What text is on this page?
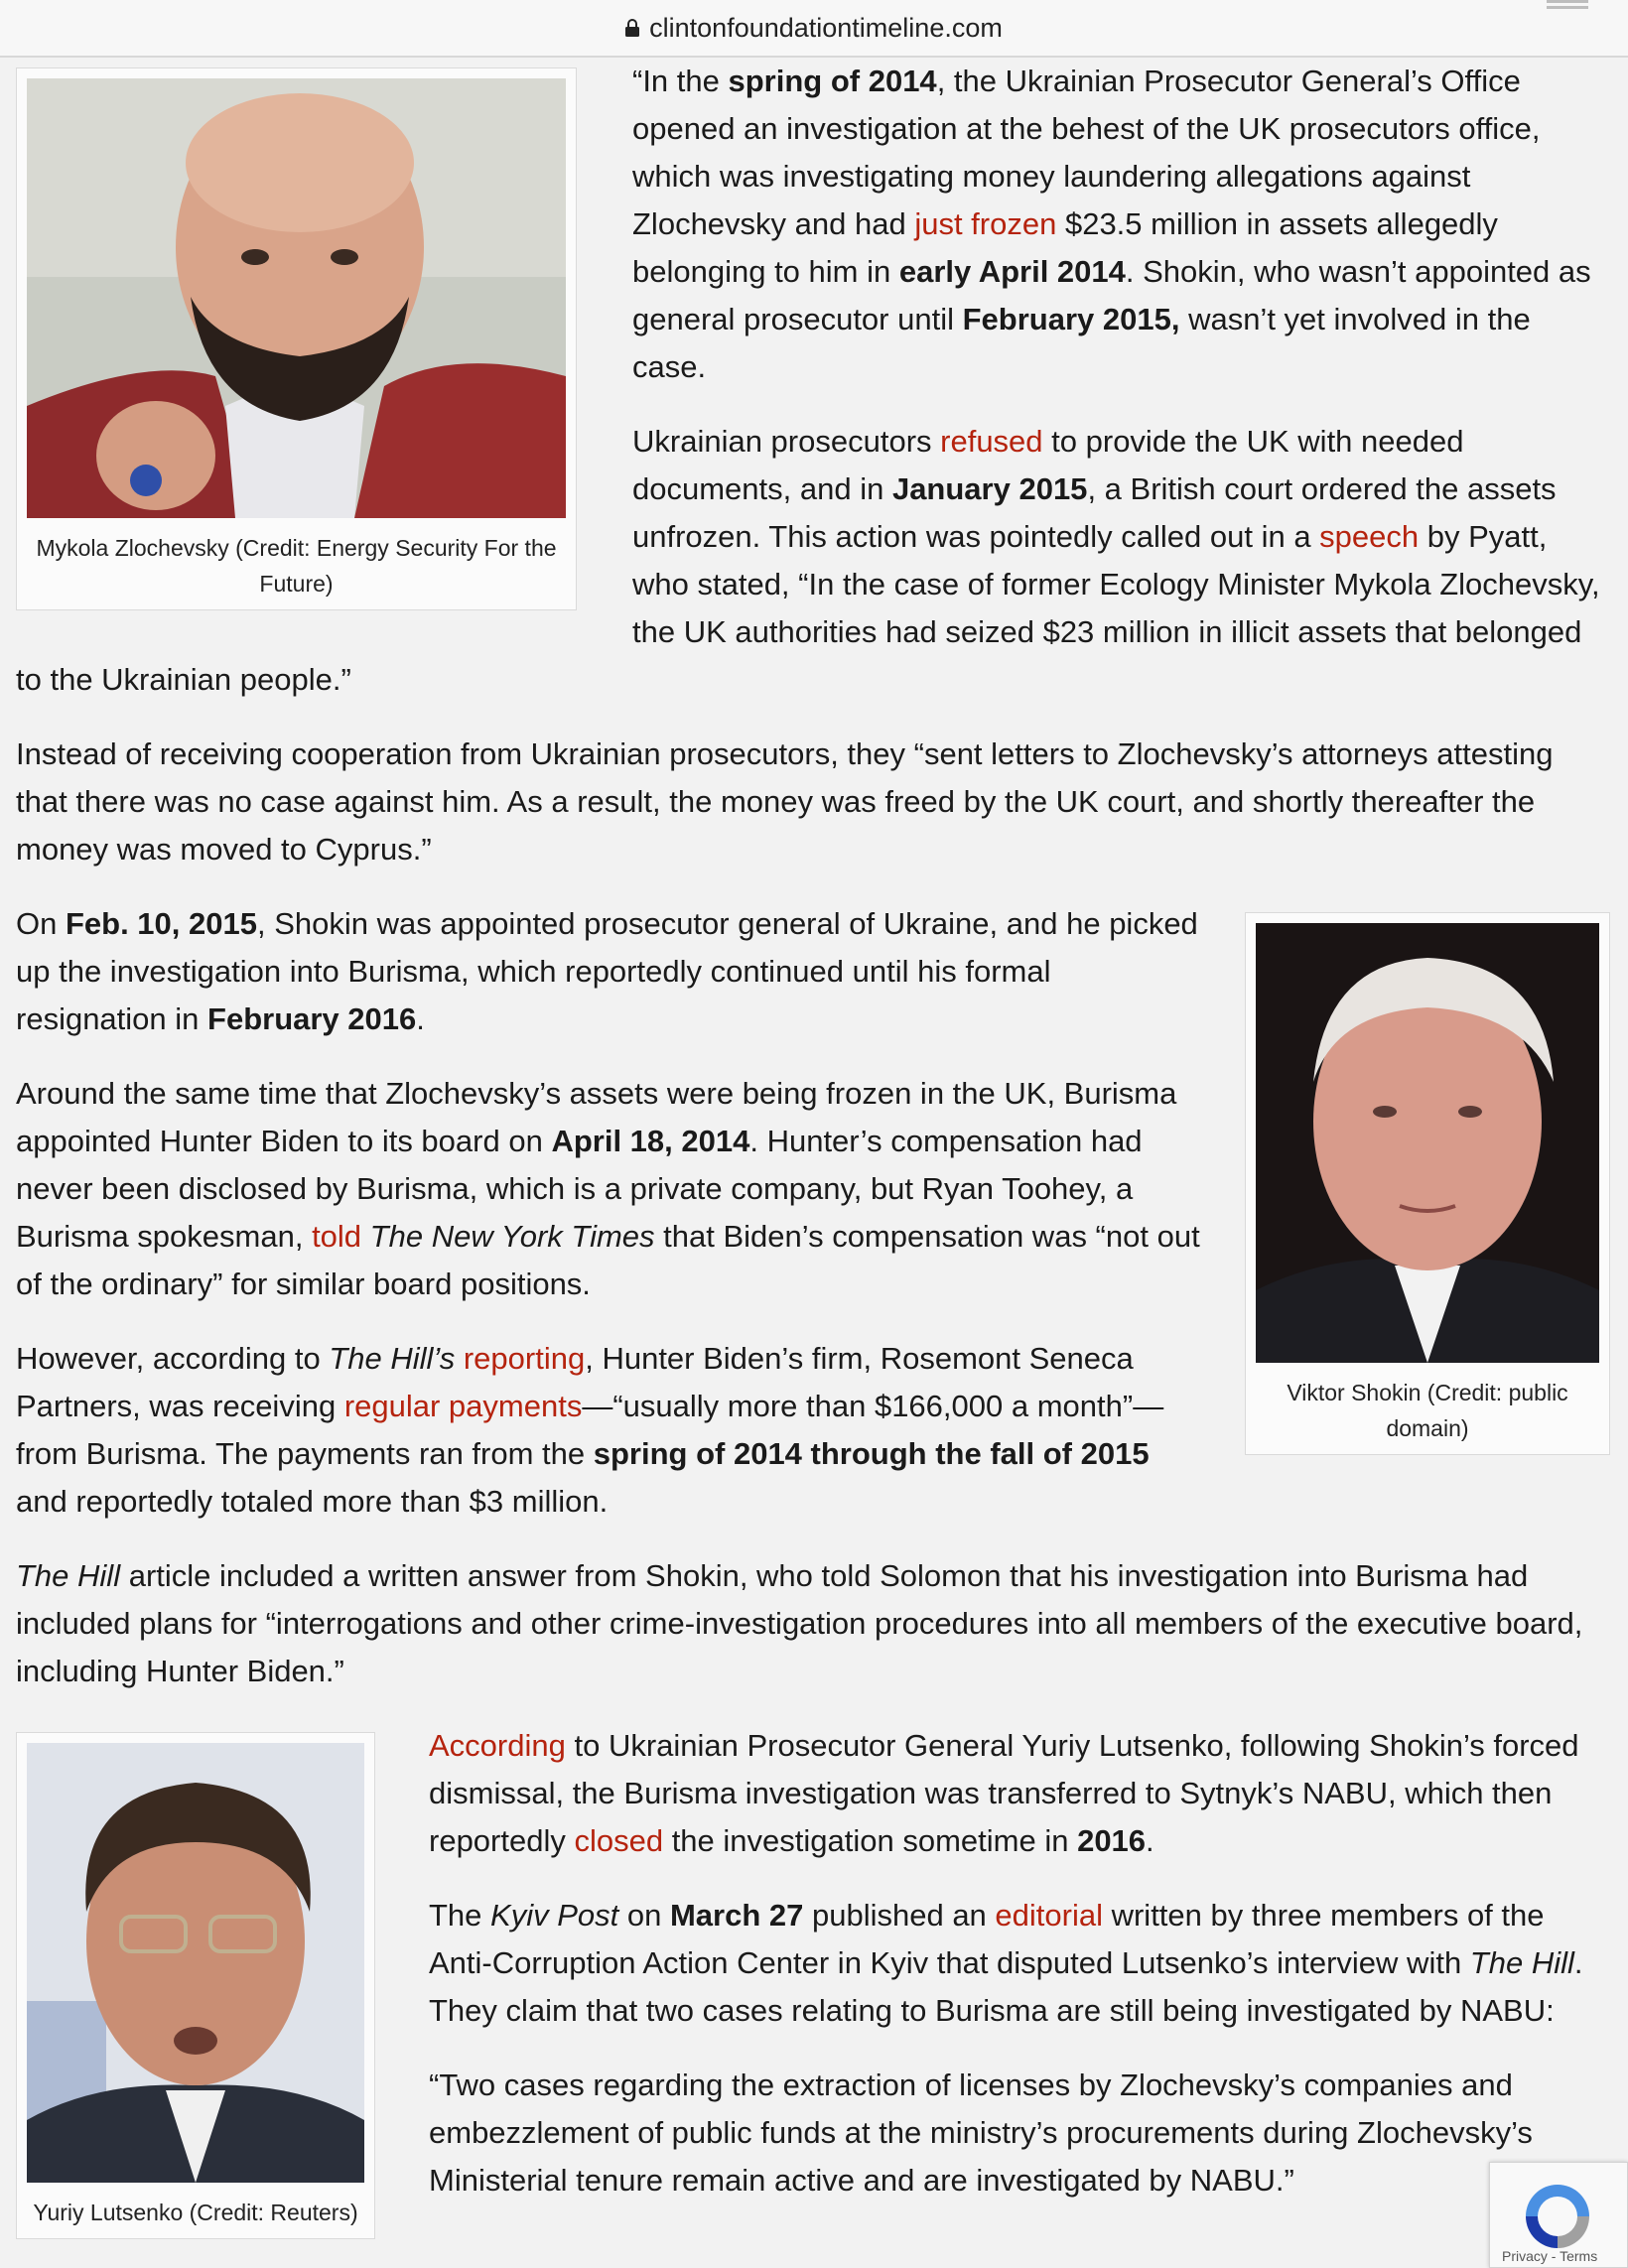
clintonfoundationtimeline.com
Mykola Zlochevsky (Credit: Energy Security For the Future)

“In the spring of 2014, the Ukrainian Prosecutor General’s Office opened an investigation at the behest of the UK prosecutors office, which was investigating money laundering allegations against Zlochevsky and had just frozen $23.5 million in assets allegedly belonging to him in early April 2014. Shokin, who wasn’t appointed as general prosecutor until February 2015, wasn’t yet involved in the case.

Ukrainian prosecutors refused to provide the UK with needed documents, and in January 2015, a British court ordered the assets unfrozen. This action was pointedly called out in a speech by Pyatt, who stated, “In the case of former Ecology Minister Mykola Zlochevsky, the UK authorities had seized $23 million in illicit assets that belonged to the Ukrainian people.”

Instead of receiving cooperation from Ukrainian prosecutors, they “sent letters to Zlochevsky’s attorneys attesting that there was no case against him. As a result, the money was freed by the UK court, and shortly thereafter the money was moved to Cyprus.”

Viktor Shokin (Credit: public domain)

On Feb. 10, 2015, Shokin was appointed prosecutor general of Ukraine, and he picked up the investigation into Burisma, which reportedly continued until his formal resignation in February 2016.

Around the same time that Zlochevsky’s assets were being frozen in the UK, Burisma appointed Hunter Biden to its board on April 18, 2014. Hunter’s compensation had never been disclosed by Burisma, which is a private company, but Ryan Toohey, a Burisma spokesman, told The New York Times that Biden’s compensation was “not out of the ordinary” for similar board positions.

However, according to The Hill’s reporting, Hunter Biden’s firm, Rosemont Seneca Partners, was receiving regular payments—“usually more than $166,000 a month”—from Burisma. The payments ran from the spring of 2014 through the fall of 2015 and reportedly totaled more than $3 million.

The Hill article included a written answer from Shokin, who told Solomon that his investigation into Burisma had included plans for “interrogations and other crime-investigation procedures into all members of the executive board, including Hunter Biden.”

Yuriy Lutsenko (Credit: Reuters)

According to Ukrainian Prosecutor General Yuriy Lutsenko, following Shokin’s forced dismissal, the Burisma investigation was transferred to Sytnyk’s NABU, which then reportedly closed the investigation sometime in 2016.

The Kyiv Post on March 27 published an editorial written by three members of the Anti-Corruption Action Center in Kyiv that disputed Lutsenko’s interview with The Hill. They claim that two cases relating to Burisma are still being investigated by NABU:

“Two cases regarding the extraction of licenses by Zlochevsky’s companies and embezzlement of public funds at the ministry’s procurements during Zlochevsky’s Ministerial tenure remain active and are investigated by NABU.”

Privacy - Terms
